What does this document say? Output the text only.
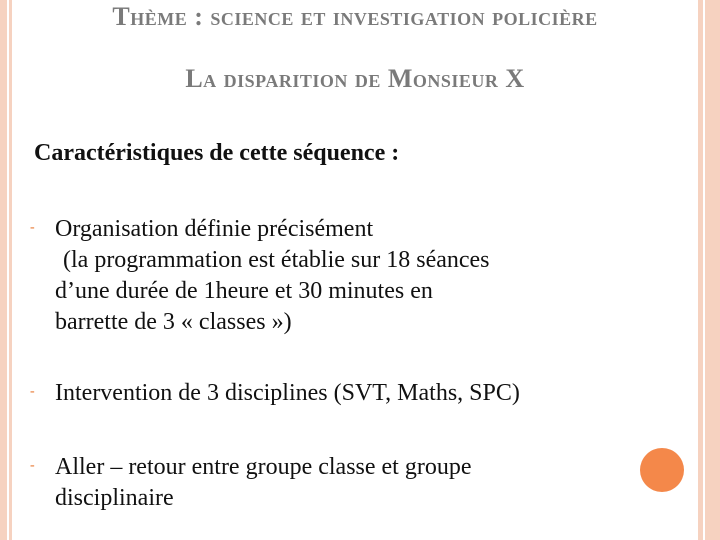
Thème : science et investigation policière
La disparition de Monsieur X
Caractéristiques de cette séquence :
- Organisation définie précisément
(la programmation est établie sur 18 séances
d’une durée de 1heure et 30 minutes en
barrette de 3 « classes »)
- Intervention de 3 disciplines (SVT, Maths, SPC)
- Aller – retour entre groupe classe et groupe
disciplinaire
